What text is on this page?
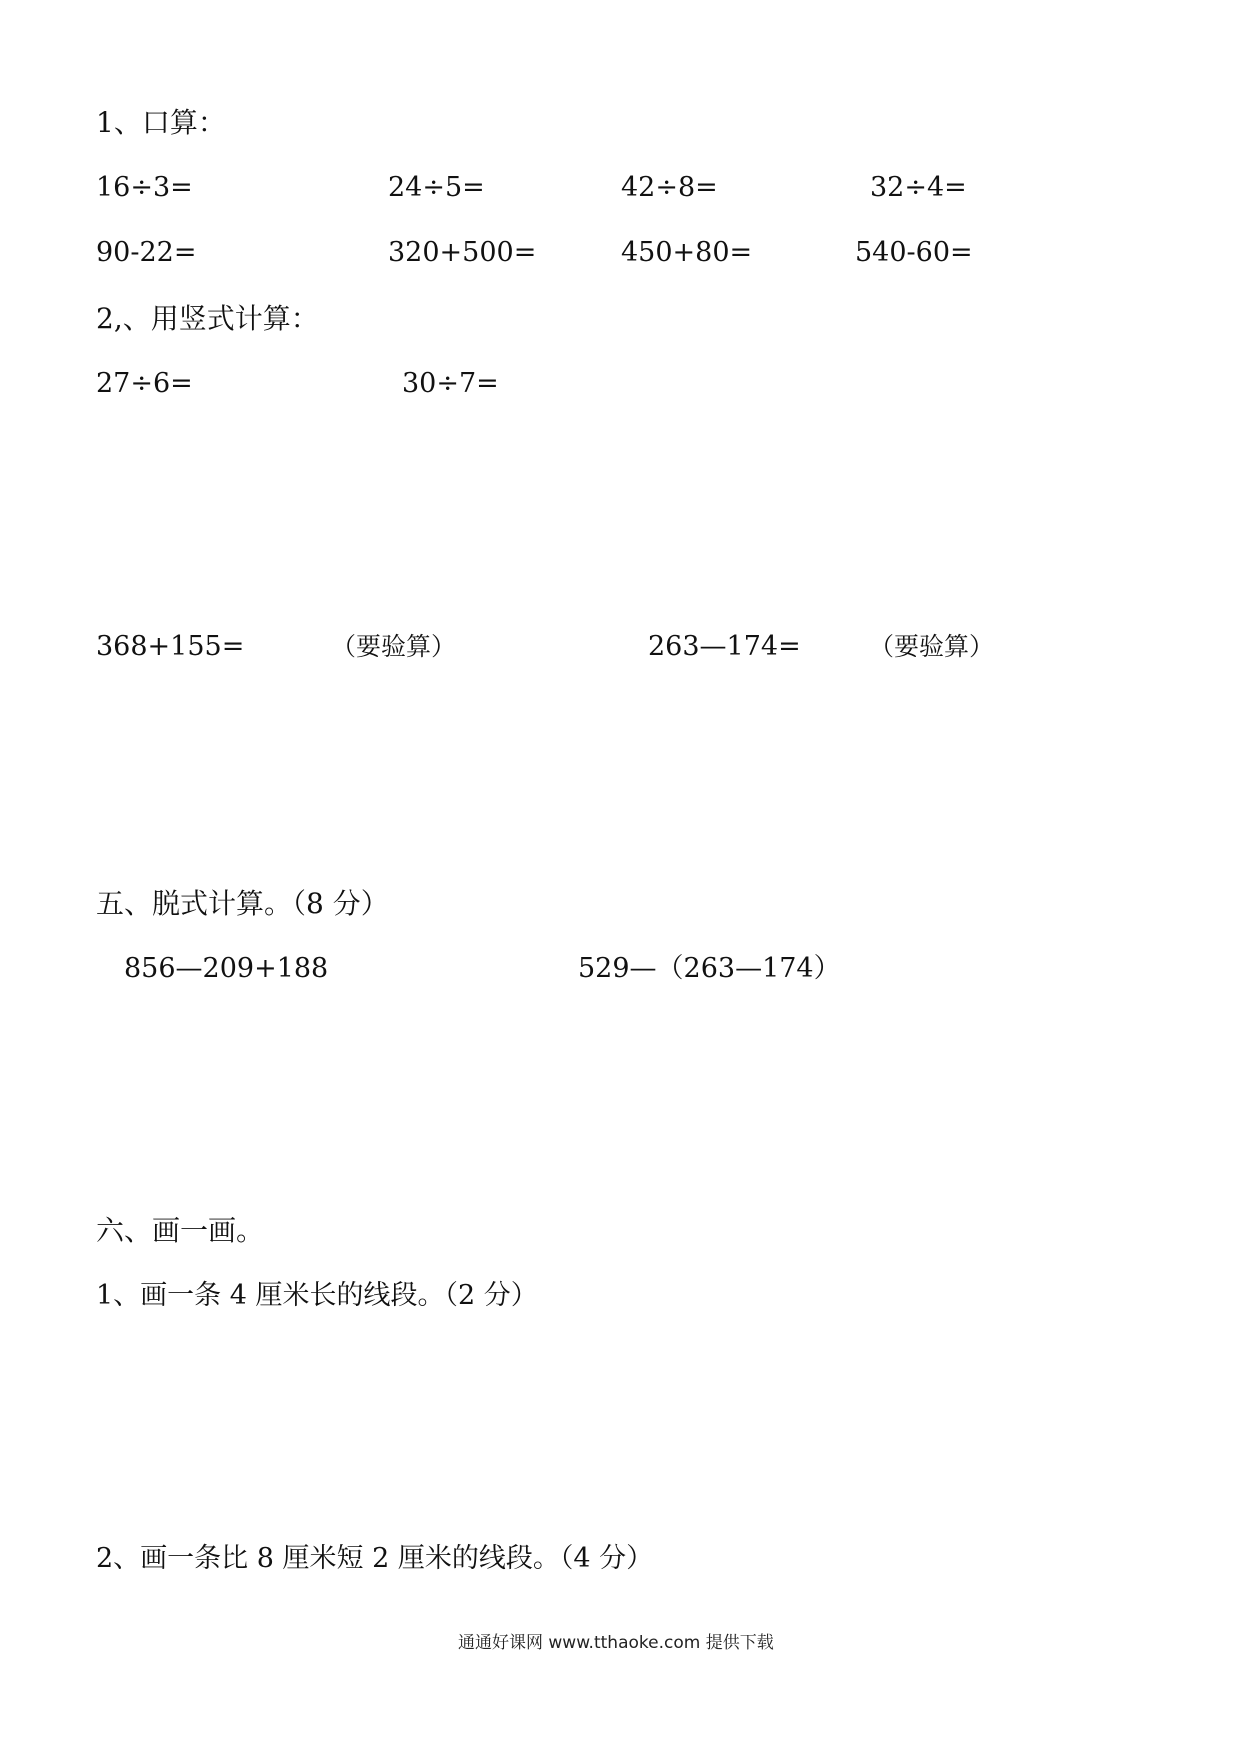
1、口算：
16÷3=	24÷5=	42÷8=	32÷4=
90-22=	320+500=	450+80=	540-60=
2,、用竖式计算：
27÷6=	30÷7=
368+155=	（要验算）	263—174=	（要验算）
五、脱式计算。（8 分）
856—209+188	529—（263—174）
六、画一画。
1、画一条 4 厘米长的线段。（2 分）
2、画一条比 8 厘米短 2 厘米的线段。（4 分）
通通好课网 www.tthaoke.com 提供下载
